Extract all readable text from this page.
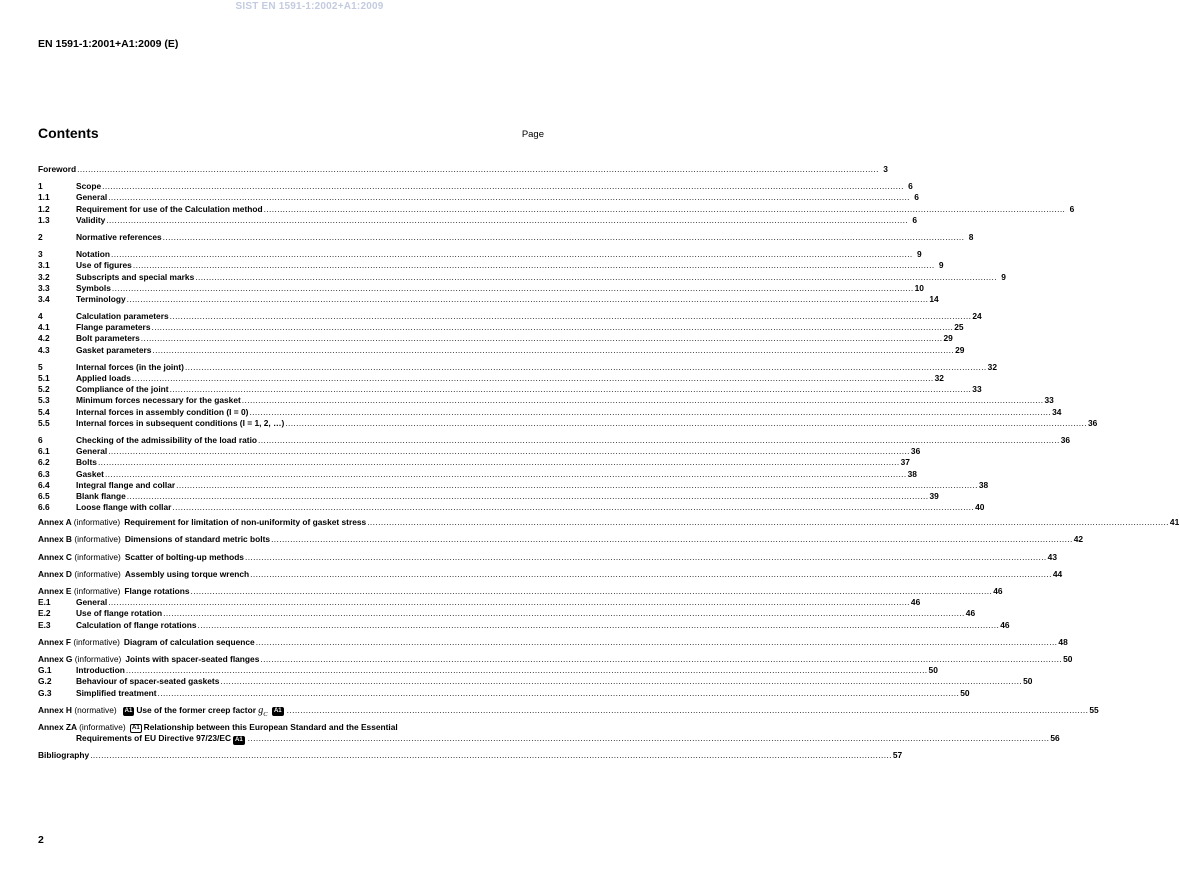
SIST EN 1591-1:2002+A1:2009
EN 1591-1:2001+A1:2009 (E)
Contents	Page
Foreword .....	3
1	Scope .....	6
1.1	General .....	6
1.2	Requirement for use of the Calculation method .....	6
1.3	Validity .....	6
2	Normative references .....	8
3	Notation .....	9
3.1	Use of figures .....	9
3.2	Subscripts and special marks .....	9
3.3	Symbols .....	10
3.4	Terminology .....	14
4	Calculation parameters .....	24
4.1	Flange parameters .....	25
4.2	Bolt parameters .....	29
4.3	Gasket parameters .....	29
5	Internal forces (in the joint) .....	32
5.1	Applied loads .....	32
5.2	Compliance of the joint .....	33
5.3	Minimum forces necessary for the gasket .....	33
5.4	Internal forces in assembly condition (I = 0) .....	34
5.5	Internal forces in subsequent conditions (I = 1, 2, …) .....	36
6	Checking of the admissibility of the load ratio .....	36
6.1	General .....	36
6.2	Bolts .....	37
6.3	Gasket .....	38
6.4	Integral flange and collar .....	38
6.5	Blank flange .....	39
6.6	Loose flange with collar .....	40
Annex A (informative) Requirement for limitation of non-uniformity of gasket stress .....	41
Annex B (informative) Dimensions of standard metric bolts .....	42
Annex C (informative) Scatter of bolting-up methods .....	43
Annex D (informative) Assembly using torque wrench .....	44
Annex E (informative) Flange rotations .....	46
E.1	General .....	46
E.2	Use of flange rotation .....	46
E.3	Calculation of flange rotations .....	46
Annex F (informative) Diagram of calculation sequence .....	48
Annex G (informative) Joints with spacer-seated flanges .....	50
G.1	Introduction .....	50
G.2	Behaviour of spacer-seated gaskets .....	50
G.3	Simplified treatment .....	50
Annex H (normative)	A1 Use of the former creep factor $g_C$ A1 .....	55
Annex ZA (informative) A1 Relationship between this European Standard and the Essential
Requirements of EU Directive 97/23/EC A1 .....	56
Bibliography .....	57
2
